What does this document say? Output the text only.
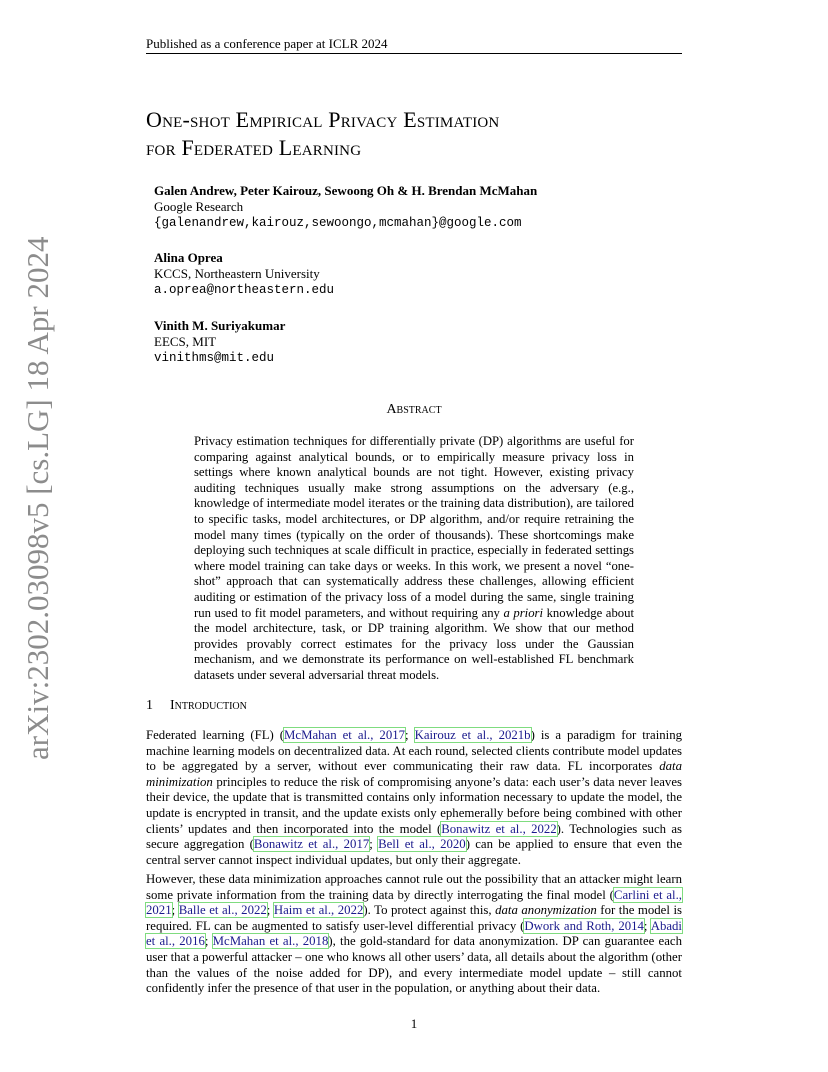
Published as a conference paper at ICLR 2024
arXiv:2302.03098v5 [cs.LG] 18 Apr 2024
One-shot Empirical Privacy Estimation
for Federated Learning
Galen Andrew, Peter Kairouz, Sewoong Oh & H. Brendan McMahan
Google Research
{galenandrew,kairouz,sewoongo,mcmahan}@google.com
Alina Oprea
KCCS, Northeastern University
a.oprea@northeastern.edu
Vinith M. Suriyakumar
EECS, MIT
vinithms@mit.edu
Abstract
Privacy estimation techniques for differentially private (DP) algorithms are useful for comparing against analytical bounds, or to empirically measure privacy loss in settings where known analytical bounds are not tight. However, existing privacy auditing techniques usually make strong assumptions on the adversary (e.g., knowledge of intermediate model iterates or the training data distribution), are tailored to specific tasks, model architectures, or DP algorithm, and/or require retraining the model many times (typically on the order of thousands). These shortcomings make deploying such techniques at scale difficult in practice, especially in federated settings where model training can take days or weeks. In this work, we present a novel “one-shot” approach that can systematically address these challenges, allowing efficient auditing or estimation of the privacy loss of a model during the same, single training run used to fit model parameters, and without requiring any a priori knowledge about the model architecture, task, or DP training algorithm. We show that our method provides provably correct estimates for the privacy loss under the Gaussian mechanism, and we demonstrate its performance on well-established FL benchmark datasets under several adversarial threat models.
1 Introduction
Federated learning (FL) (McMahan et al., 2017; Kairouz et al., 2021b) is a paradigm for training machine learning models on decentralized data. At each round, selected clients contribute model updates to be aggregated by a server, without ever communicating their raw data. FL incorporates data minimization principles to reduce the risk of compromising anyone’s data: each user’s data never leaves their device, the update that is transmitted contains only information necessary to update the model, the update is encrypted in transit, and the update exists only ephemerally before being combined with other clients’ updates and then incorporated into the model (Bonawitz et al., 2022). Technologies such as secure aggregation (Bonawitz et al., 2017; Bell et al., 2020) can be applied to ensure that even the central server cannot inspect individual updates, but only their aggregate.
However, these data minimization approaches cannot rule out the possibility that an attacker might learn some private information from the training data by directly interrogating the final model (Carlini et al., 2021; Balle et al., 2022; Haim et al., 2022). To protect against this, data anonymization for the model is required. FL can be augmented to satisfy user-level differential privacy (Dwork and Roth, 2014; Abadi et al., 2016; McMahan et al., 2018), the gold-standard for data anonymization. DP can guarantee each user that a powerful attacker – one who knows all other users’ data, all details about the algorithm (other than the values of the noise added for DP), and every intermediate model update – still cannot confidently infer the presence of that user in the population, or anything about their data.
1
